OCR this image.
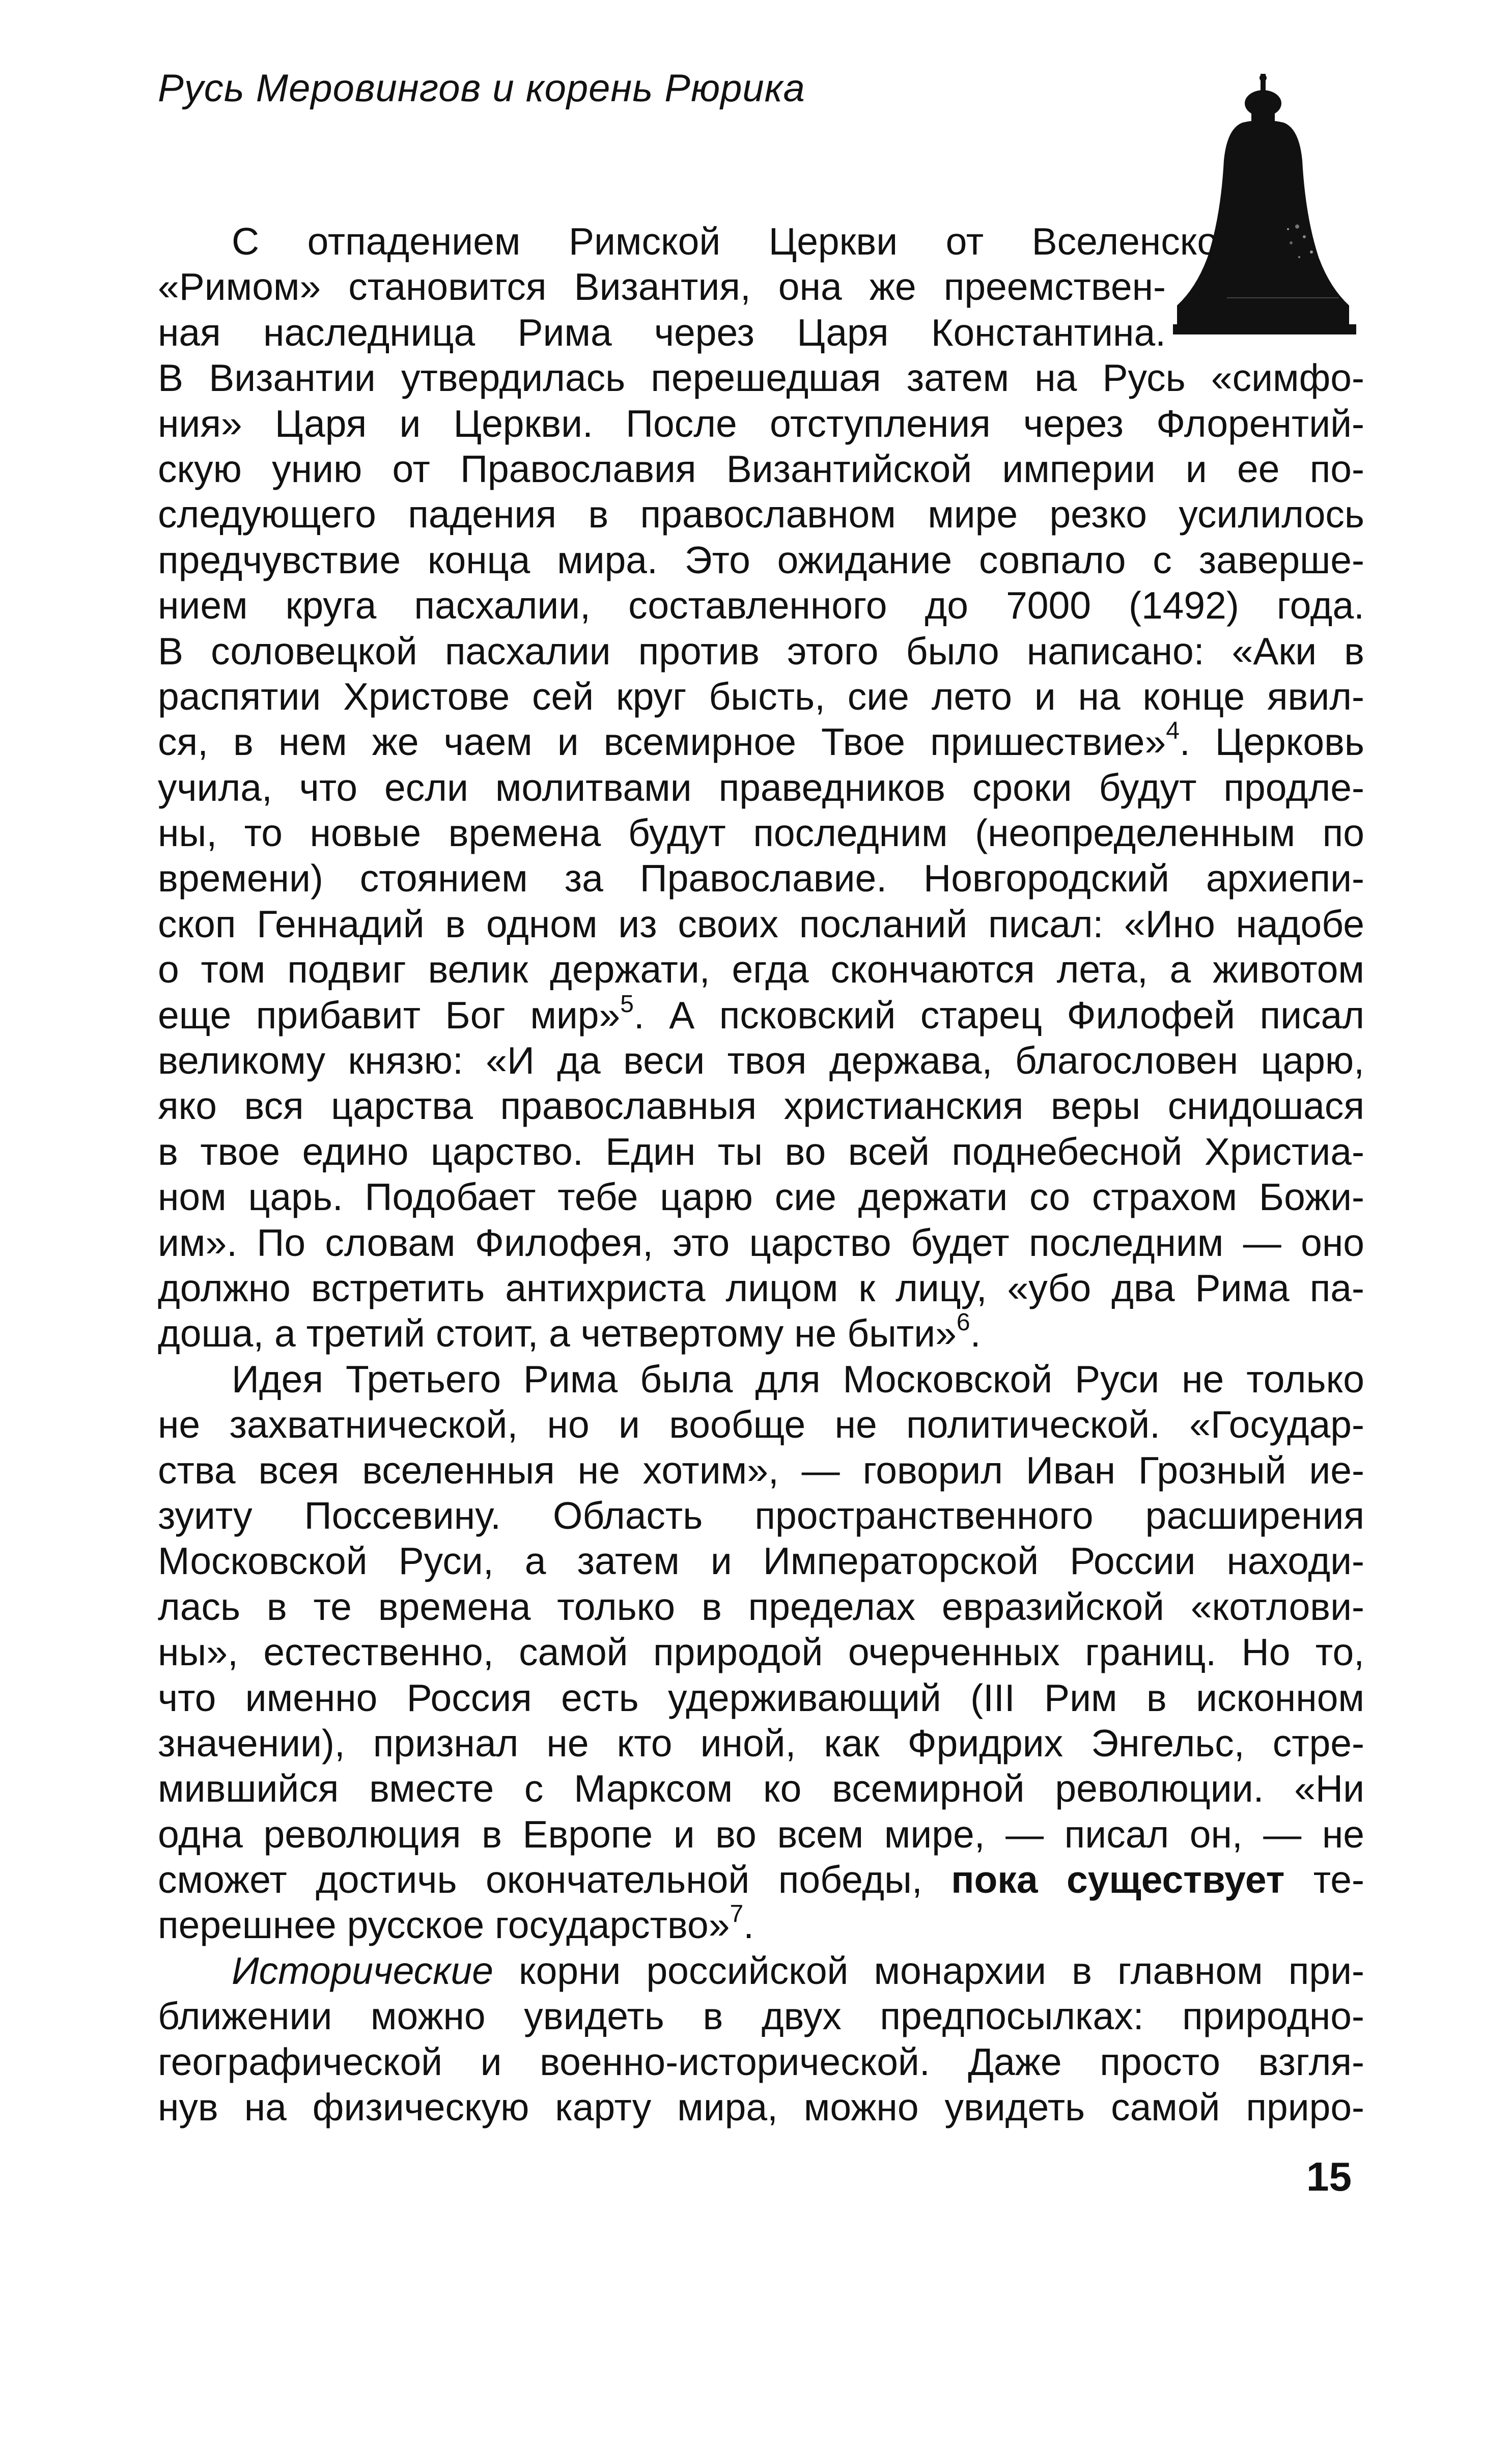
Русь Меровингов и корень Рюрика
С отпадением Римской Церкви от Вселенской
«Римом» становится Византия, она же преемствен-
ная наследница Рима через Царя Константина.
В Византии утвердилась перешедшая затем на Русь «симфо-
ния» Царя и Церкви. После отступления через Флорентий-
скую унию от Православия Византийской империи и ее по-
следующего падения в православном мире резко усилилось
предчувствие конца мира. Это ожидание совпало с заверше-
нием круга пасхалии, составленного до 7000 (1492) года.
В соловецкой пасхалии против этого было написано: «Аки в
распятии Христове сей круг бысть, сие лето и на конце явил-
ся, в нем же чаем и всемирное Твое пришествие»$^4$. Церковь
учила, что если молитвами праведников сроки будут продле-
ны, то новые времена будут последним (неопределенным по
времени) стоянием за Православие. Новгородский архиепи-
скоп Геннадий в одном из своих посланий писал: «Ино надобе
о том подвиг велик держати, егда скончаются лета, а животом
еще прибавит Бог мир»$^5$. А псковский старец Филофей писал
великому князю: «И да веси твоя держава, благословен царю,
яко вся царства православныя христианския веры снидошася
в твое едино царство. Един ты во всей поднебесной Христиа-
ном царь. Подобает тебе царю сие держати со страхом Божи-
им». По словам Филофея, это царство будет последним — оно
должно встретить антихриста лицом к лицу, «убо два Рима па-
доша, а третий стоит, а четвертому не быти»$^6$.
Идея Третьего Рима была для Московской Руси не только
не захватнической, но и вообще не политической. «Государ-
ства всея вселенныя не хотим», — говорил Иван Грозный ие-
зуиту Поссевину. Область пространственного расширения
Московской Руси, а затем и Императорской России находи-
лась в те времена только в пределах евразийской «котлови-
ны», естественно, самой природой очерченных границ. Но то,
что именно Россия есть удерживающий (III Рим в исконном
значении), признал не кто иной, как Фридрих Энгельс, стре-
мившийся вместе с Марксом ко всемирной революции. «Ни
одна революция в Европе и во всем мире, — писал он, — не
сможет достичь окончательной победы, пока существует те-
перешнее русское государство»$^7$.
Исторические корни российской монархии в главном при-
ближении можно увидеть в двух предпосылках: природно-
географической и военно-исторической. Даже просто взгля-
нув на физическую карту мира, можно увидеть самой приро-
15
